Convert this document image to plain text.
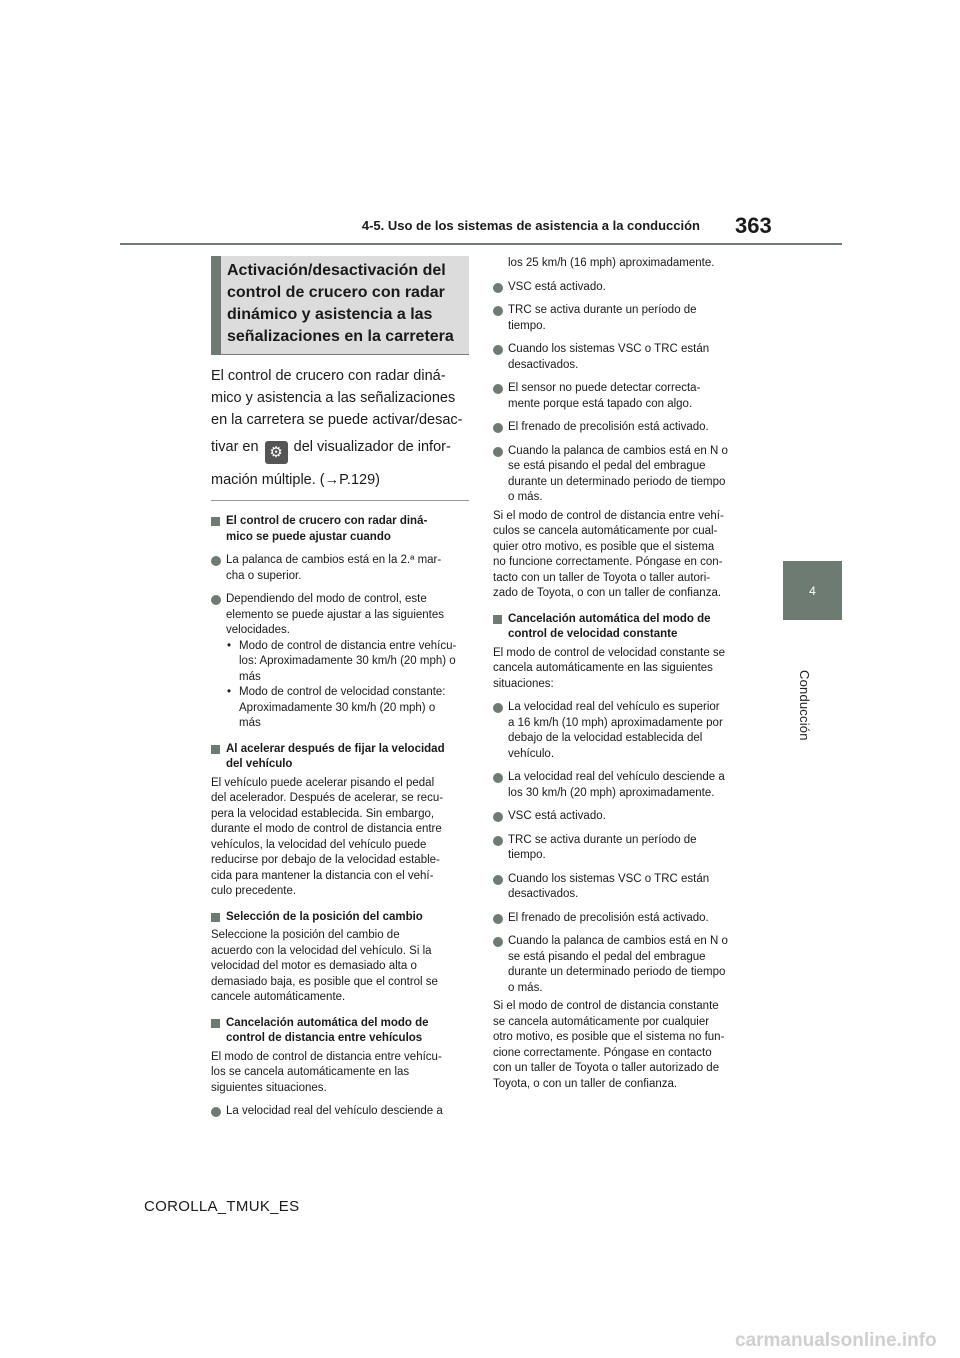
4-5. Uso de los sistemas de asistencia a la conducción 363
4
Conducción
Activación/desactivación del
control de crucero con radar
dinámico y asistencia a las
señalizaciones en la carretera
El control de crucero con radar diná-
mico y asistencia a las señalizaciones
en la carretera se puede activar/desac-
tivar en ⚙ del visualizador de infor-
mación múltiple. (→P.129)
El control de crucero con radar diná-
mico se puede ajustar cuando
La palanca de cambios está en la 2.ª mar-
cha o superior.
Dependiendo del modo de control, este
elemento se puede ajustar a las siguientes
velocidades.
• Modo de control de distancia entre vehícu-
los: Aproximadamente 30 km/h (20 mph) o
más
• Modo de control de velocidad constante:
Aproximadamente 30 km/h (20 mph) o
más
Al acelerar después de fijar la velocidad
del vehículo
El vehículo puede acelerar pisando el pedal
del acelerador. Después de acelerar, se recu-
pera la velocidad establecida. Sin embargo,
durante el modo de control de distancia entre
vehículos, la velocidad del vehículo puede
reducirse por debajo de la velocidad estable-
cida para mantener la distancia con el vehí-
culo precedente.
Selección de la posición del cambio
Seleccione la posición del cambio de
acuerdo con la velocidad del vehículo. Si la
velocidad del motor es demasiado alta o
demasiado baja, es posible que el control se
cancele automáticamente.
Cancelación automática del modo de
control de distancia entre vehículos
El modo de control de distancia entre vehícu-
los se cancela automáticamente en las
siguientes situaciones.
La velocidad real del vehículo desciende a
los 25 km/h (16 mph) aproximadamente.
VSC está activado.
TRC se activa durante un período de
tiempo.
Cuando los sistemas VSC o TRC están
desactivados.
El sensor no puede detectar correcta-
mente porque está tapado con algo.
El frenado de precolisión está activado.
Cuando la palanca de cambios está en N o
se está pisando el pedal del embrague
durante un determinado periodo de tiempo
o más.
Si el modo de control de distancia entre vehí-
culos se cancela automáticamente por cual-
quier otro motivo, es posible que el sistema
no funcione correctamente. Póngase en con-
tacto con un taller de Toyota o taller autori-
zado de Toyota, o con un taller de confianza.
Cancelación automática del modo de
control de velocidad constante
El modo de control de velocidad constante se
cancela automáticamente en las siguientes
situaciones:
La velocidad real del vehículo es superior
a 16 km/h (10 mph) aproximadamente por
debajo de la velocidad establecida del
vehículo.
La velocidad real del vehículo desciende a
los 30 km/h (20 mph) aproximadamente.
VSC está activado.
TRC se activa durante un período de
tiempo.
Cuando los sistemas VSC o TRC están
desactivados.
El frenado de precolisión está activado.
Cuando la palanca de cambios está en N o
se está pisando el pedal del embrague
durante un determinado periodo de tiempo
o más.
Si el modo de control de distancia constante
se cancela automáticamente por cualquier
otro motivo, es posible que el sistema no fun-
cione correctamente. Póngase en contacto
con un taller de Toyota o taller autorizado de
Toyota, o con un taller de confianza.
COROLLA_TMUK_ES
carmanualsonline.info
